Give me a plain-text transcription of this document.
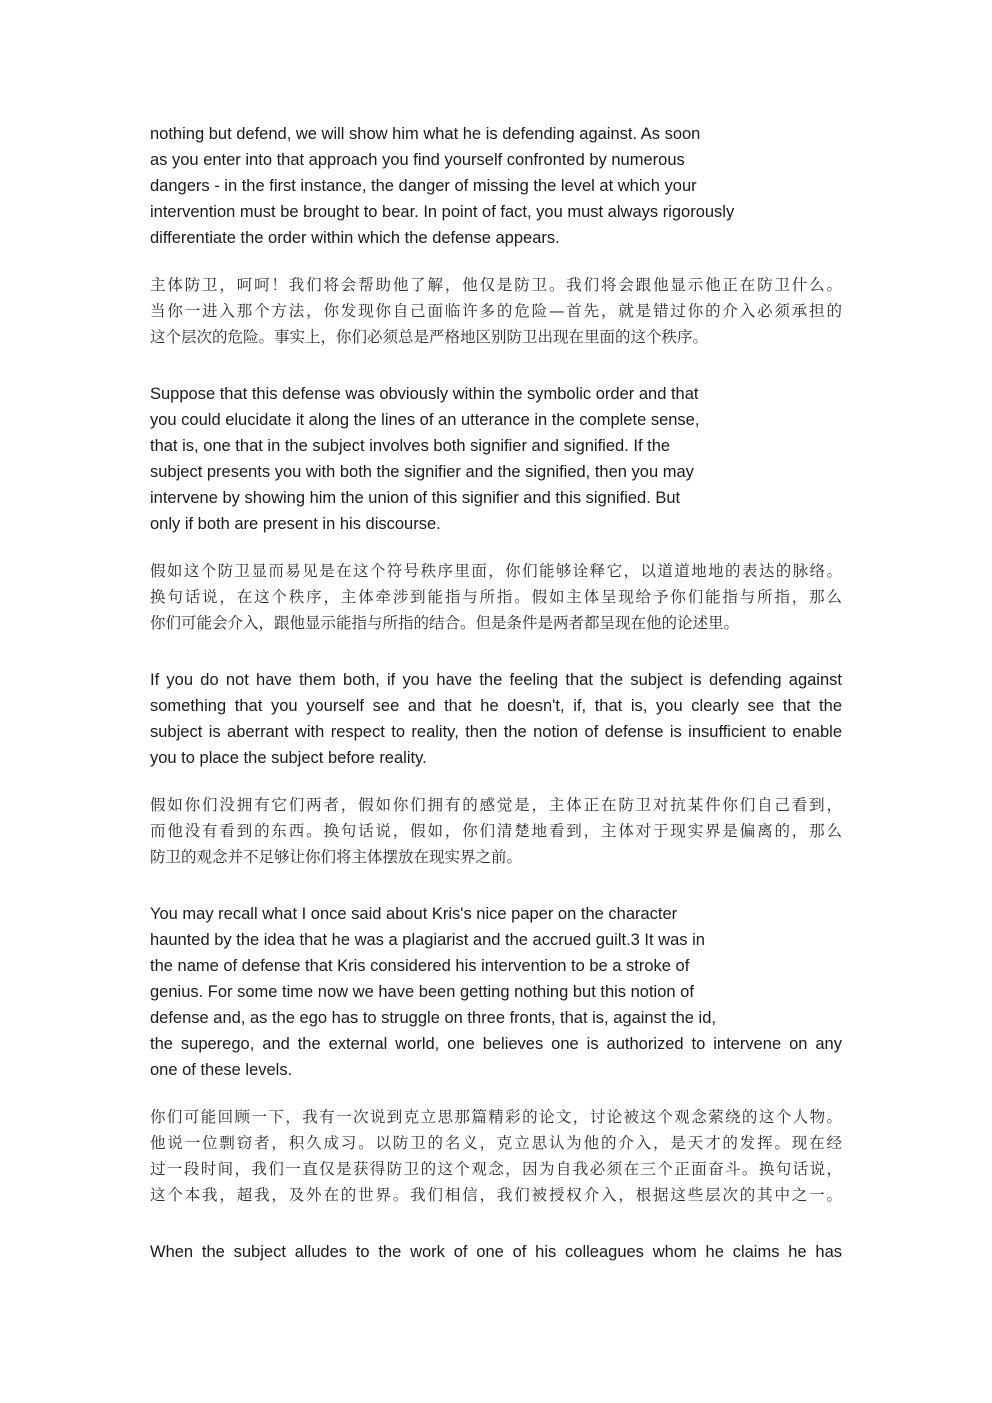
nothing but defend, we will show him what he is defending against. As soon
as you enter into that approach you find yourself confronted by numerous
dangers - in the first instance, the danger of missing the level at which your
intervention must be brought to bear. In point of fact, you must always rigorously
differentiate the order within which the defense appears.
主体防卫，呵呵！我们将会帮助他了解，他仅是防卫。我们将会跟他显示他正在防卫什么。
当你一进入那个方法，你发现你自己面临许多的危险—首先，就是错过你的介入必须承担的
这个层次的危险。事实上，你们必须总是严格地区别防卫出现在里面的这个秩序。
Suppose that this defense was obviously within the symbolic order and that
you could elucidate it along the lines of an utterance in the complete sense,
that is, one that in the subject involves both signifier and signified. If the
subject presents you with both the signifier and the signified, then you may
intervene by showing him the union of this signifier and this signified. But
only if both are present in his discourse.
假如这个防卫显而易见是在这个符号秩序里面，你们能够诠释它，以道道地地的表达的脉络。
换句话说，在这个秩序，主体牵涉到能指与所指。假如主体呈现给予你们能指与所指，那么
你们可能会介入，跟他显示能指与所指的结合。但是条件是两者都呈现在他的论述里。
If you do not have them both, if you have the feeling that the subject is defending against
something that you yourself see and that he doesn't, if, that is, you clearly see that the
subject is aberrant with respect to reality, then the notion of defense is insufficient to enable
you to place the subject before reality.
假如你们没拥有它们两者，假如你们拥有的感觉是，主体正在防卫对抗某件你们自己看到，
而他没有看到的东西。换句话说，假如，你们清楚地看到，主体对于现实界是偏离的，那么
防卫的观念并不足够让你们将主体摆放在现实界之前。
You may recall what I once said about Kris's nice paper on the character
haunted by the idea that he was a plagiarist and the accrued guilt.3 It was in
the name of defense that Kris considered his intervention to be a stroke of
genius. For some time now we have been getting nothing but this notion of
defense and, as the ego has to struggle on three fronts, that is, against the id,
the superego, and the external world, one believes one is authorized to intervene on any
one of these levels.
你们可能回顾一下，我有一次说到克立思那篇精彩的论文，讨论被这个观念萦绕的这个人物。
他说一位剽窃者，积久成习。以防卫的名义，克立思认为他的介入，是天才的发挥。现在经
过一段时间，我们一直仅是获得防卫的这个观念，因为自我必须在三个正面奋斗。换句话说，
这个本我，超我，及外在的世界。我们相信，我们被授权介入，根据这些层次的其中之一。
When the subject alludes to the work of one of his colleagues whom he claims he has
